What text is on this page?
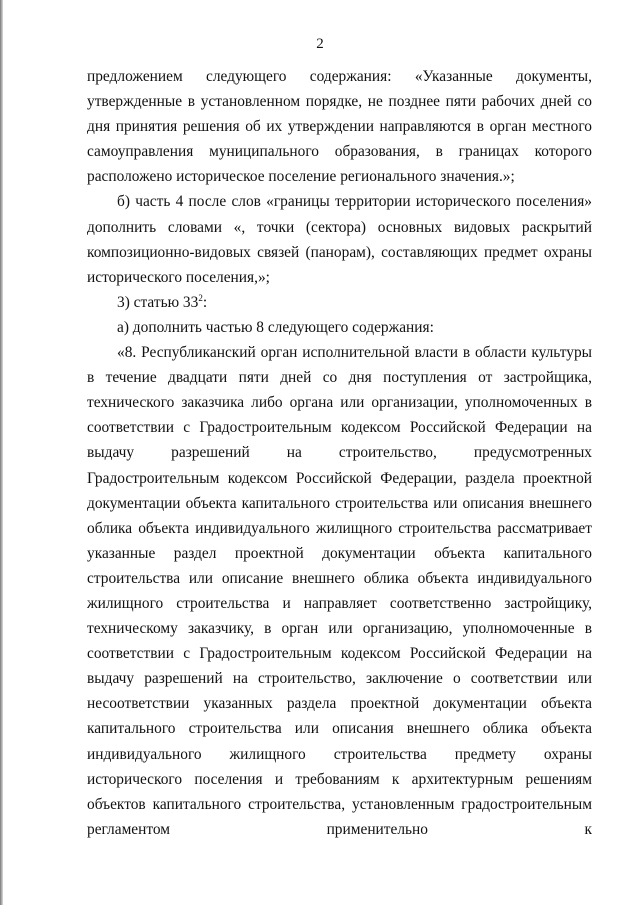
2

предложением следующего содержания: «Указанные документы, утвержденные в установленном порядке, не позднее пяти рабочих дней со дня принятия решения об их утверждении направляются в орган местного самоуправления муниципального образования, в границах которого расположено историческое поселение регионального значения.»;

б) часть 4 после слов «границы территории исторического поселения» дополнить словами «, точки (сектора) основных видовых раскрытий композиционно-видовых связей (панорам), составляющих предмет охраны исторического поселения,»;

3) статью $33^2$:

а) дополнить частью 8 следующего содержания:

«8. Республиканский орган исполнительной власти в области культуры в течение двадцати пяти дней со дня поступления от застройщика, технического заказчика либо органа или организации, уполномоченных в соответствии с Градостроительным кодексом Российской Федерации на выдачу разрешений на строительство, предусмотренных Градостроительным кодексом Российской Федерации, раздела проектной документации объекта капитального строительства или описания внешнего облика объекта индивидуального жилищного строительства рассматривает указанные раздел проектной документации объекта капитального строительства или описание внешнего облика объекта индивидуального жилищного строительства и направляет соответственно застройщику, техническому заказчику, в орган или организацию, уполномоченные в соответствии с Градостроительным кодексом Российской Федерации на выдачу разрешений на строительство, заключение о соответствии или несоответствии указанных раздела проектной документации объекта капитального строительства или описания внешнего облика объекта индивидуального жилищного строительства предмету охраны исторического поселения и требованиям к архитектурным решениям объектов капитального строительства, установленным градостроительным регламентом применительно к
